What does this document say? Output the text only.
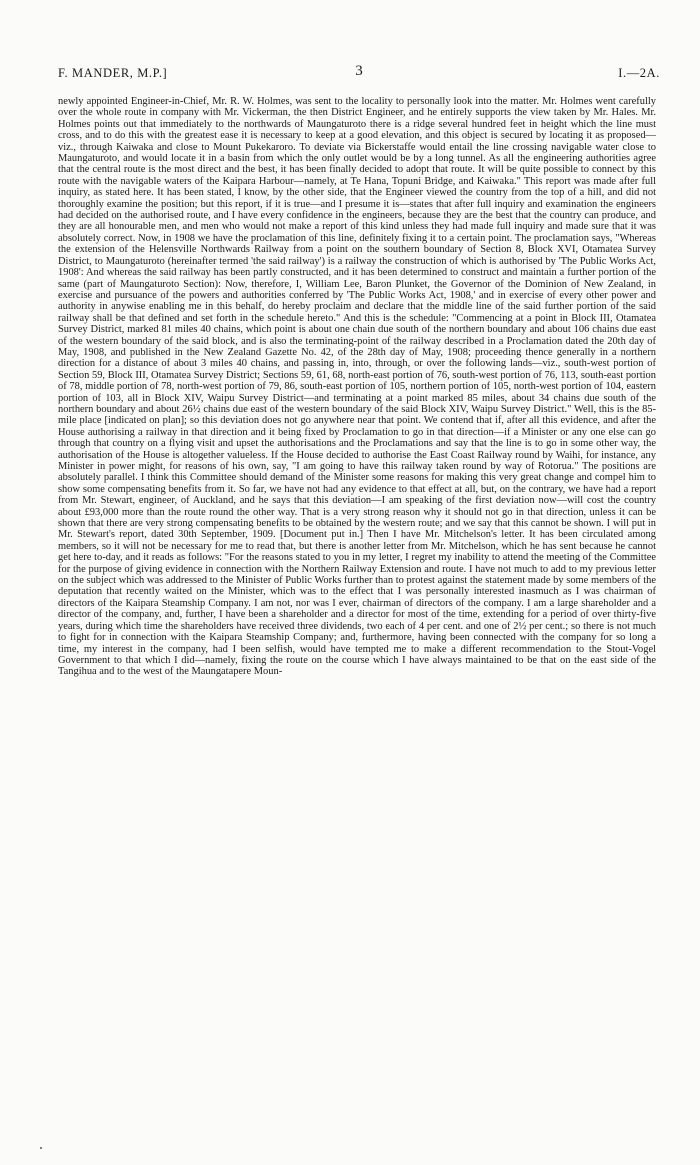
F. MANDER, M.P.]	3	I.—2A.

newly appointed Engineer-in-Chief, Mr. R. W. Holmes, was sent to the locality to personally look into the matter. Mr. Holmes went carefully over the whole route in company with Mr. Vickerman, the then District Engineer, and he entirely supports the view taken by Mr. Hales. Mr. Holmes points out that immediately to the northwards of Maungaturoto there is a ridge several hundred feet in height which the line must cross, and to do this with the greatest ease it is necessary to keep at a good elevation, and this object is secured by locating it as proposed—viz., through Kaiwaka and close to Mount Pukekaroro. To deviate via Bickerstaffe would entail the line crossing navigable water close to Maungaturoto, and would locate it in a basin from which the only outlet would be by a long tunnel. As all the engineering authorities agree that the central route is the most direct and the best, it has been finally decided to adopt that route. It will be quite possible to connect by this route with the navigable waters of the Kaipara Harbour—namely, at Te Hana, Topuni Bridge, and Kaiwaka." This report was made after full inquiry, as stated here. It has been stated, I know, by the other side, that the Engineer viewed the country from the top of a hill, and did not thoroughly examine the position; but this report, if it is true—and I presume it is—states that after full inquiry and examination the engineers had decided on the authorised route, and I have every confidence in the engineers, because they are the best that the country can produce, and they are all honourable men, and men who would not make a report of this kind unless they had made full inquiry and made sure that it was absolutely correct. Now, in 1908 we have the proclamation of this line, definitely fixing it to a certain point. The proclamation says, "Whereas the extension of the Helensville Northwards Railway from a point on the southern boundary of Section 8, Block XVI, Otamatea Survey District, to Maungaturoto (hereinafter termed 'the said railway') is a railway the construction of which is authorised by 'The Public Works Act, 1908': And whereas the said railway has been partly constructed, and it has been determined to construct and maintain a further portion of the same (part of Maungaturoto Section): Now, therefore, I, William Lee, Baron Plunket, the Governor of the Dominion of New Zealand, in exercise and pursuance of the powers and authorities conferred by 'The Public Works Act, 1908,' and in exercise of every other power and authority in anywise enabling me in this behalf, do hereby proclaim and declare that the middle line of the said further portion of the said railway shall be that defined and set forth in the schedule hereto." And this is the schedule: "Commencing at a point in Block III, Otamatea Survey District, marked 81 miles 40 chains, which point is about one chain due south of the northern boundary and about 106 chains due east of the western boundary of the said block, and is also the terminating-point of the railway described in a Proclamation dated the 20th day of May, 1908, and published in the New Zealand Gazette No. 42, of the 28th day of May, 1908; proceeding thence generally in a northern direction for a distance of about 3 miles 40 chains, and passing in, into, through, or over the following lands—viz., south-west portion of Section 59, Block III, Otamatea Survey District; Sections 59, 61, 68, north-east portion of 76, south-west portion of 76, 113, south-east portion of 78, middle portion of 78, north-west portion of 79, 86, south-east portion of 105, northern portion of 105, north-west portion of 104, eastern portion of 103, all in Block XIV, Waipu Survey District—and terminating at a point marked 85 miles, about 34 chains due south of the northern boundary and about 26½ chains due east of the western boundary of the said Block XIV, Waipu Survey District." Well, this is the 85-mile place [indicated on plan]; so this deviation does not go anywhere near that point. We contend that if, after all this evidence, and after the House authorising a railway in that direction and it being fixed by Proclamation to go in that direction—if a Minister or any one else can go through that country on a flying visit and upset the authorisations and the Proclamations and say that the line is to go in some other way, the authorisation of the House is altogether valueless. If the House decided to authorise the East Coast Railway round by Waihi, for instance, any Minister in power might, for reasons of his own, say, "I am going to have this railway taken round by way of Rotorua." The positions are absolutely parallel. I think this Committee should demand of the Minister some reasons for making this very great change and compel him to show some compensating benefits from it. So far, we have not had any evidence to that effect at all, but, on the contrary, we have had a report from Mr. Stewart, engineer, of Auckland, and he says that this deviation—I am speaking of the first deviation now—will cost the country about £93,000 more than the route round the other way. That is a very strong reason why it should not go in that direction, unless it can be shown that there are very strong compensating benefits to be obtained by the western route; and we say that this cannot be shown. I will put in Mr. Stewart's report, dated 30th September, 1909. [Document put in.] Then I have Mr. Mitchelson's letter. It has been circulated among members, so it will not be necessary for me to read that, but there is another letter from Mr. Mitchelson, which he has sent because he cannot get here to-day, and it reads as follows: "For the reasons stated to you in my letter, I regret my inability to attend the meeting of the Committee for the purpose of giving evidence in connection with the Northern Railway Extension and route. I have not much to add to my previous letter on the subject which was addressed to the Minister of Public Works further than to protest against the statement made by some members of the deputation that recently waited on the Minister, which was to the effect that I was personally interested inasmuch as I was chairman of directors of the Kaipara Steamship Company. I am not, nor was I ever, chairman of directors of the company. I am a large shareholder and a director of the company, and, further, I have been a shareholder and a director for most of the time, extending for a period of over thirty-five years, during which time the shareholders have received three dividends, two each of 4 per cent. and one of 2½ per cent.; so there is not much to fight for in connection with the Kaipara Steamship Company; and, furthermore, having been connected with the company for so long a time, my interest in the company, had I been selfish, would have tempted me to make a different recommendation to the Stout-Vogel Government to that which I did—namely, fixing the route on the course which I have always maintained to be that on the east side of the Tangihua and to the west of the Maungatapere Moun-
